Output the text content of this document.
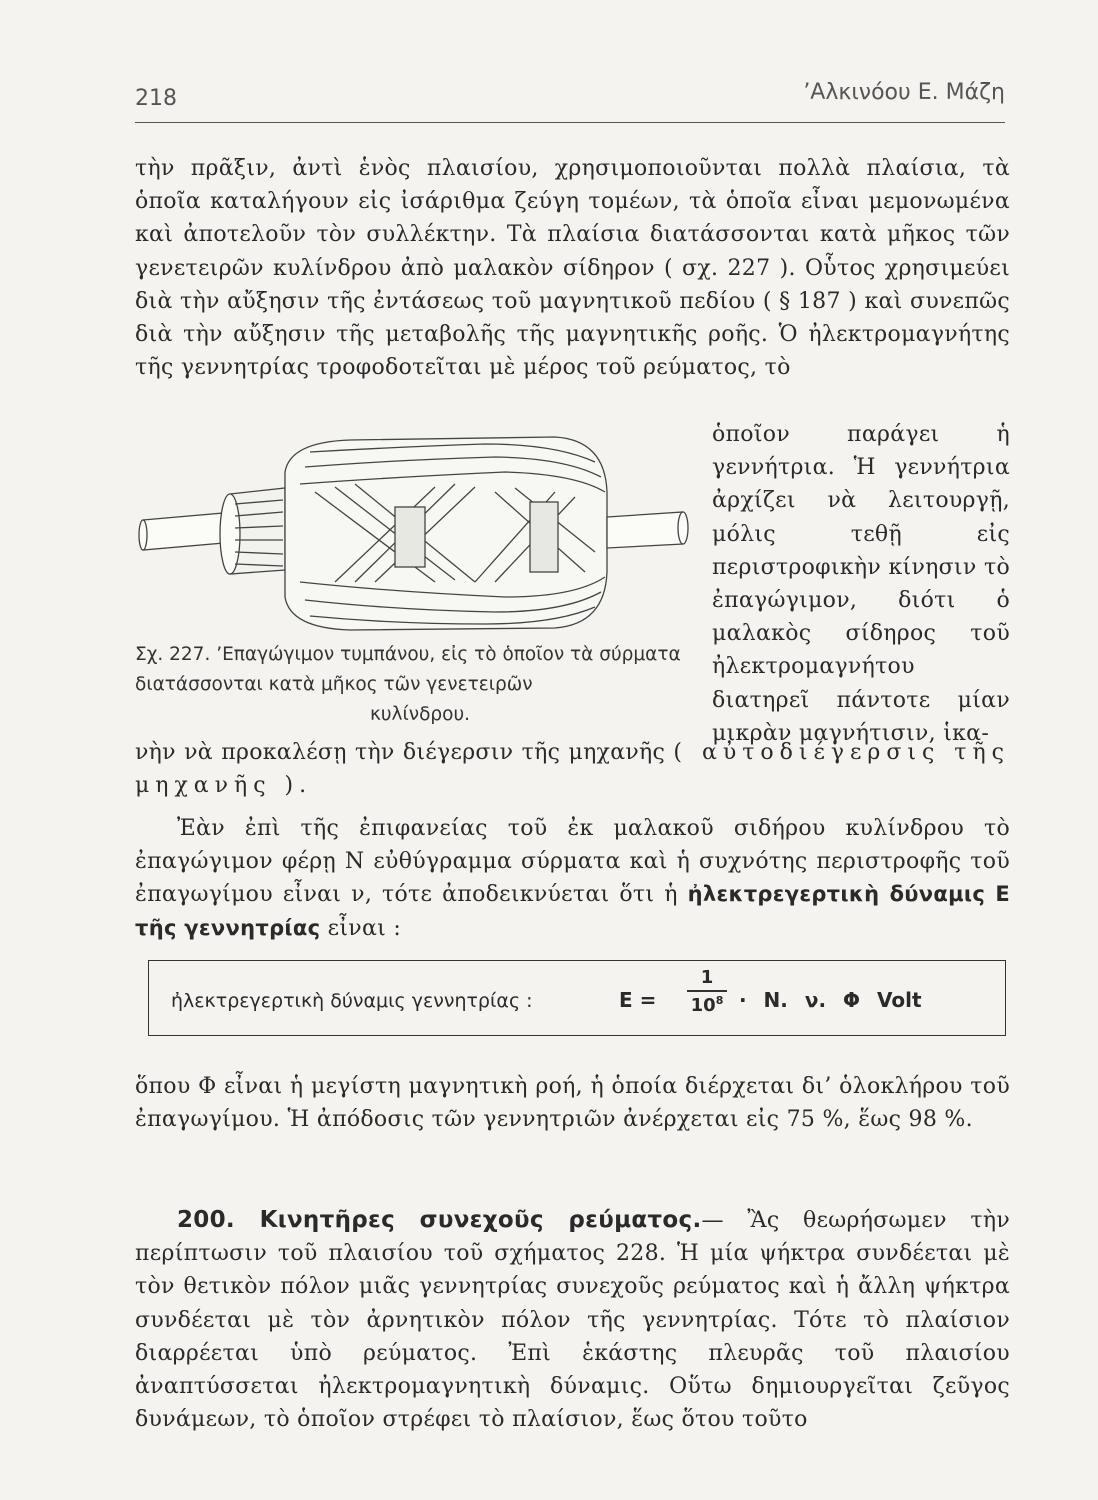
218	’Αλκινόου Ε. Μάζη

τὴν πρᾶξιν, ἀντὶ ἑνὸς πλαισίου, χρησιμοποιοῦνται πολλὰ πλαίσια, τὰ ὁποῖα καταλήγουν εἰς ἰσάριθμα ζεύγη τομέων, τὰ ὁποῖα εἶναι μεμονωμένα καὶ ἀποτελοῦν τὸν συλλέκτην. Τὰ πλαίσια διατάσσονται κατὰ μῆκος τῶν γενετειρῶν κυλίνδρου ἀπὸ μαλακὸν σίδηρον ( σχ. 227 ). Οὗτος χρησιμεύει διὰ τὴν αὔξησιν τῆς ἐντάσεως τοῦ μαγνητικοῦ πεδίου ( § 187 ) καὶ συνεπῶς διὰ τὴν αὔξησιν τῆς μεταβολῆς τῆς μαγνητικῆς ροῆς. Ὁ ἠλεκτρομαγνήτης τῆς γεννητρίας τροφοδοτεῖται μὲ μέρος τοῦ ρεύματος, τὸ

Σχ. 227. ’Επαγώγιμον τυμπάνου, εἰς τὸ ὁποῖον τὰ σύρματα διατάσσονται κατὰ μῆκος τῶν γενετειρῶν
κυλίνδρου.

ὁποῖον παράγει ἡ γεννήτρια. Ἡ γεννήτρια ἀρχίζει νὰ λειτουργῇ, μόλις τεθῇ εἰς περιστροφικὴν κίνησιν τὸ ἐπαγώγιμον, διότι ὁ μαλακὸς σίδηρος τοῦ ἠλεκτρομαγνήτου διατηρεῖ πάντοτε μίαν μικρὰν μαγνήτισιν, ἱκα-

νὴν νὰ προκαλέσῃ τὴν διέγερσιν τῆς μηχανῆς ( αὐτοδιέγερσις τῆς μηχανῆς ).

Ἐὰν ἐπὶ τῆς ἐπιφανείας τοῦ ἐκ μαλακοῦ σιδήρου κυλίνδρου τὸ ἐπαγώγιμον φέρῃ Ν εὐθύγραμμα σύρματα καὶ ἡ συχνότης περιστροφῆς τοῦ ἐπαγωγίμου εἶναι ν, τότε ἀποδεικνύεται ὅτι ἡ ἠλεκτρεγερτικὴ δύναμις Ε τῆς γεννητρίας εἶναι :

ἠλεκτρεγερτικὴ δύναμις γεννητρίας :	E =
1
$10^8 \cdot N$. ν. Φ Volt

ὅπου Φ εἶναι ἡ μεγίστη μαγνητικὴ ροή, ἡ ὁποία διέρχεται δι’ ὁλοκλήρου τοῦ ἐπαγωγίμου. Ἡ ἀπόδοσις τῶν γεννητριῶν ἀνέρχεται εἰς 75 %, ἕως 98 %.

200. Κινητῆρες συνεχοῦς ρεύματος.— Ἂς θεωρήσωμεν τὴν περίπτωσιν τοῦ πλαισίου τοῦ σχήματος 228. Ἡ μία ψήκτρα συνδέεται μὲ τὸν θετικὸν πόλον μιᾶς γεννητρίας συνεχοῦς ρεύματος καὶ ἡ ἄλλη ψήκτρα συνδέεται μὲ τὸν ἀρνητικὸν πόλον τῆς γεννητρίας. Τότε τὸ πλαίσιον διαρρέεται ὑπὸ ρεύματος. Ἐπὶ ἑκάστης πλευρᾶς τοῦ πλαισίου ἀναπτύσσεται ἠλεκτρομαγνητικὴ δύναμις. Οὕτω δημιουργεῖται ζεῦγος δυνάμεων, τὸ ὁποῖον στρέφει τὸ πλαίσιον, ἕως ὅτου τοῦτο
